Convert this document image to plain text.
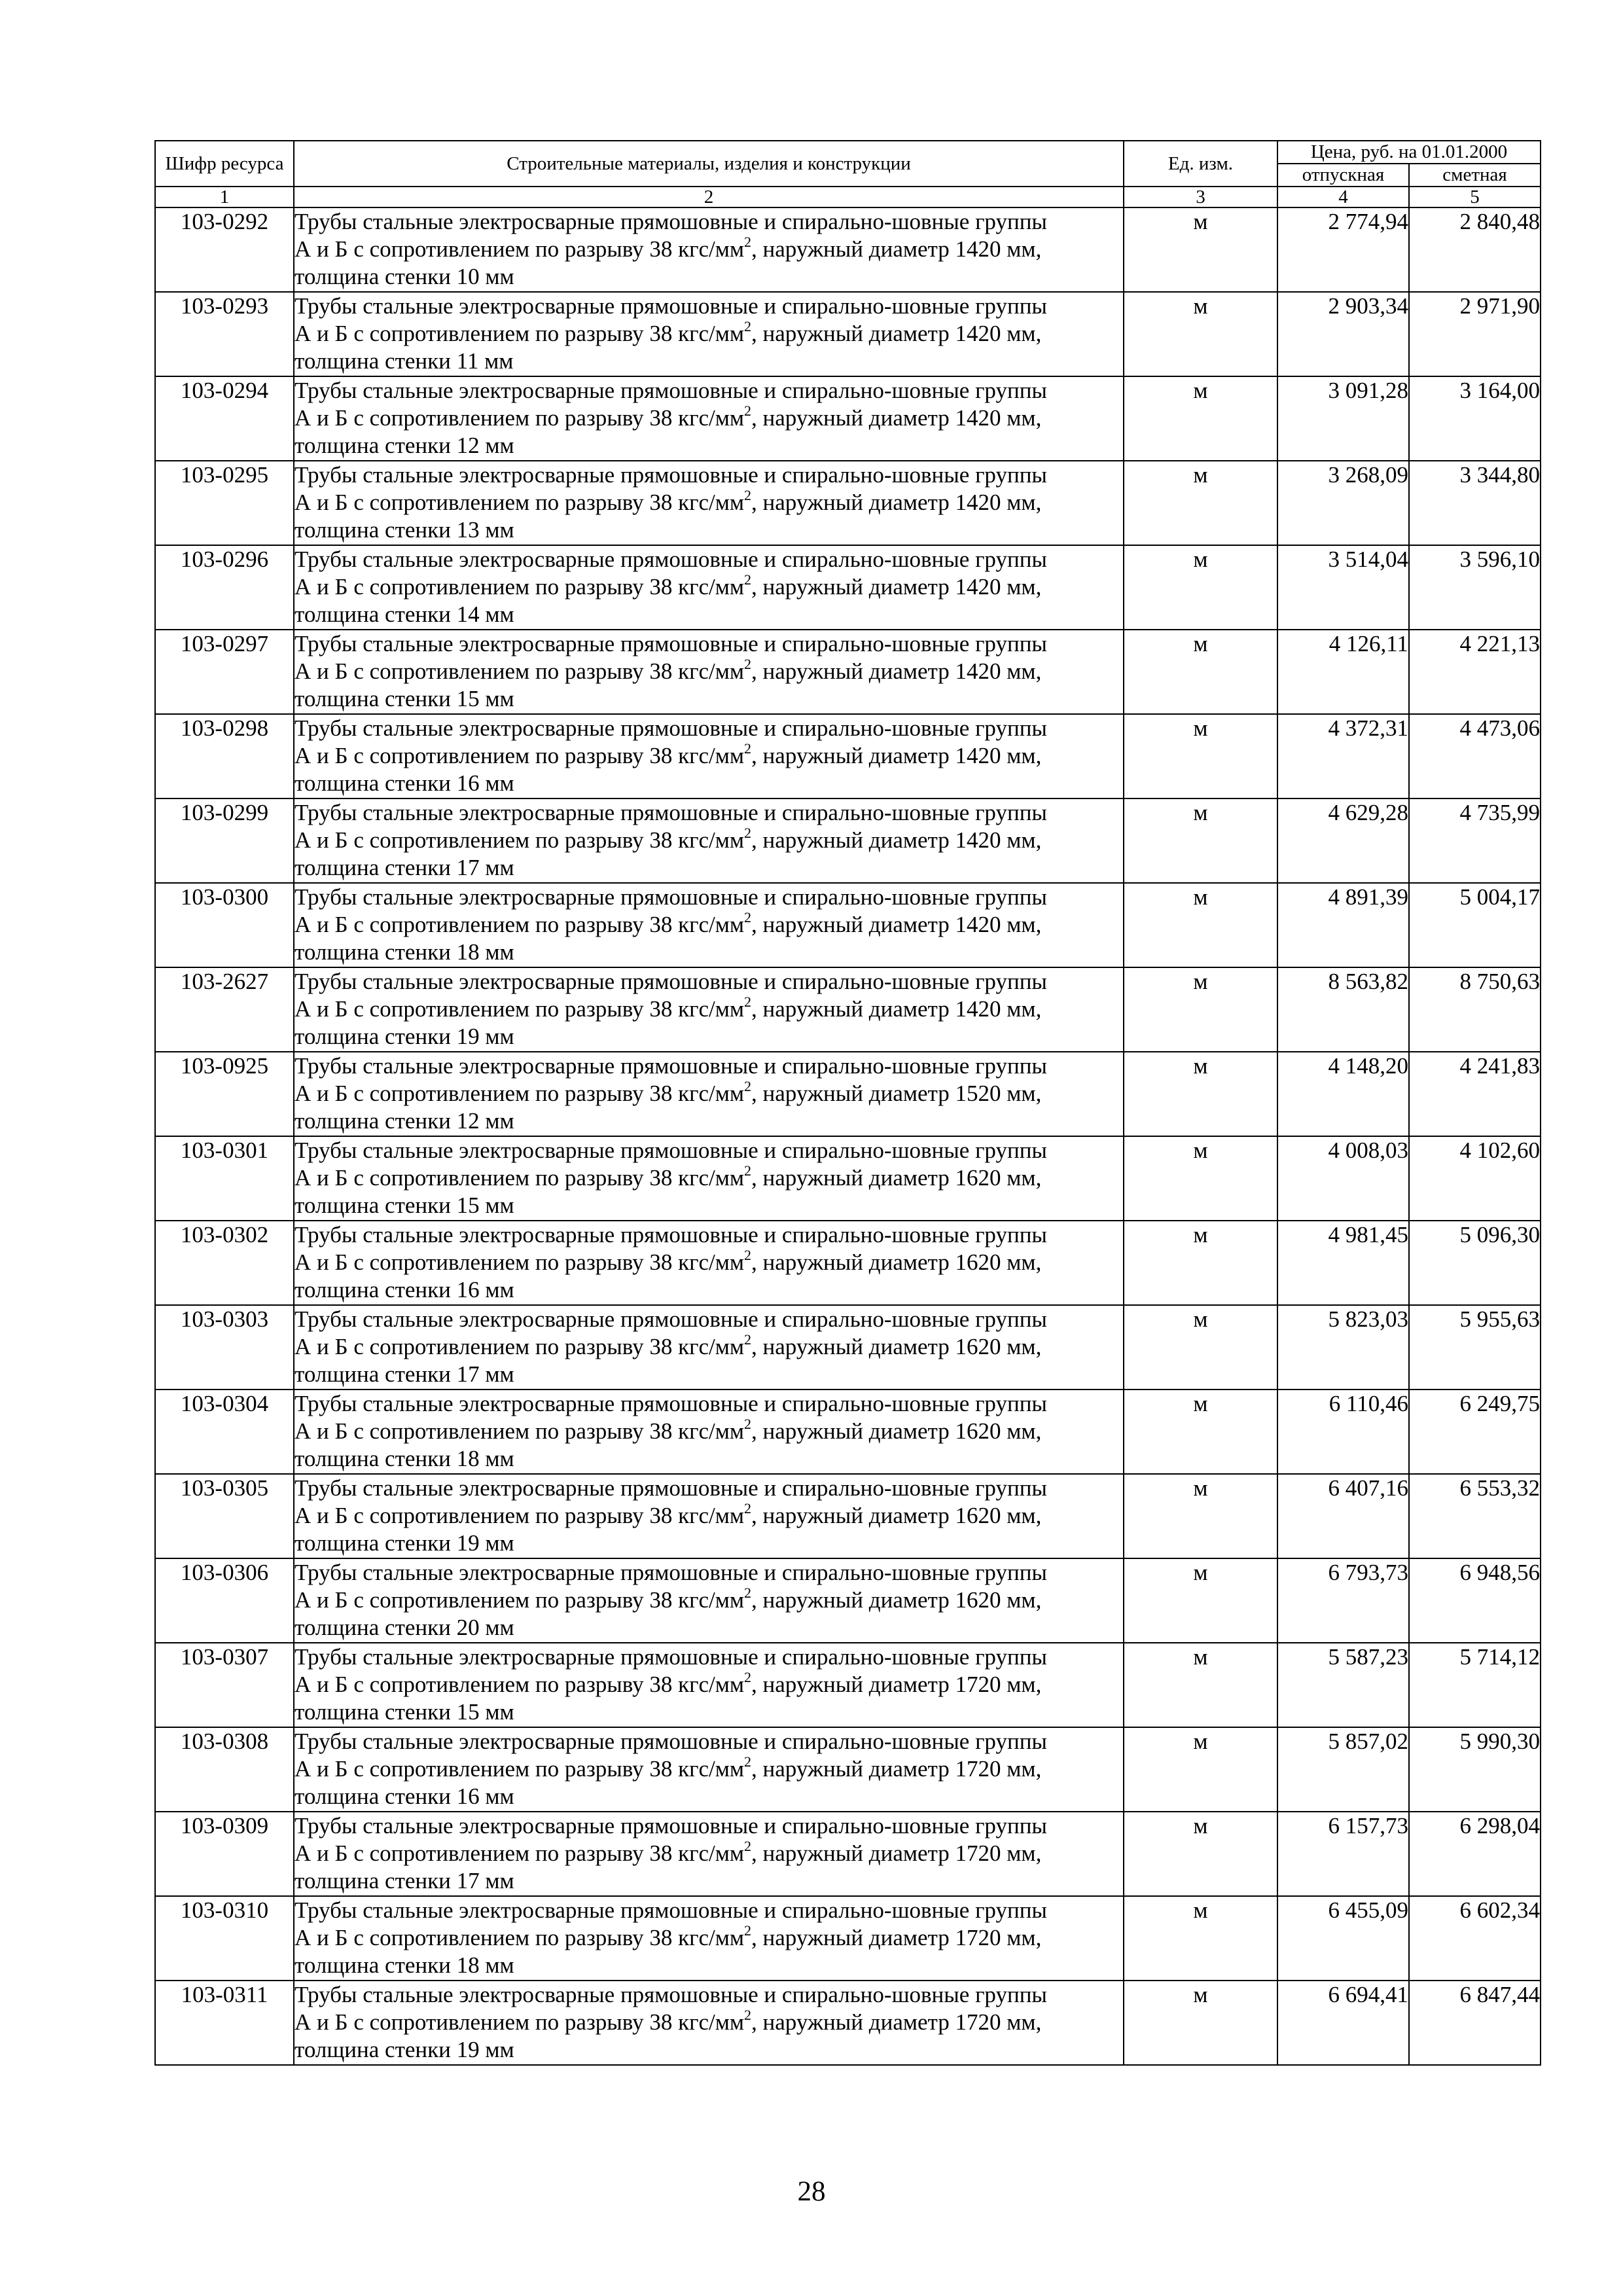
Шифр ресурса	Строительные материалы, изделия и конструкции	Ед. изм.	Цена, руб. на 01.01.2000	
			отпускная	сметная
1	2	3	4	5
103-0292	Трубы стальные электросварные прямошовные и спирально-шовные группы
А и Б с сопротивлением по разрыву 38 кгс/$мм^2$, наружный диаметр 1420 мм,
толщина стенки 10 мм	м	2 774,94	2 840,48
103-0293	Трубы стальные электросварные прямошовные и спирально-шовные группы
А и Б с сопротивлением по разрыву 38 кгс/$мм^2$, наружный диаметр 1420 мм,
толщина стенки 11 мм	м	2 903,34	2 971,90
103-0294	Трубы стальные электросварные прямошовные и спирально-шовные группы
А и Б с сопротивлением по разрыву 38 кгс/$мм^2$, наружный диаметр 1420 мм,
толщина стенки 12 мм	м	3 091,28	3 164,00
103-0295	Трубы стальные электросварные прямошовные и спирально-шовные группы
А и Б с сопротивлением по разрыву 38 кгс/$мм^2$, наружный диаметр 1420 мм,
толщина стенки 13 мм	м	3 268,09	3 344,80
103-0296	Трубы стальные электросварные прямошовные и спирально-шовные группы
А и Б с сопротивлением по разрыву 38 кгс/$мм^2$, наружный диаметр 1420 мм,
толщина стенки 14 мм	м	3 514,04	3 596,10
103-0297	Трубы стальные электросварные прямошовные и спирально-шовные группы
А и Б с сопротивлением по разрыву 38 кгс/$мм^2$, наружный диаметр 1420 мм,
толщина стенки 15 мм	м	4 126,11	4 221,13
103-0298	Трубы стальные электросварные прямошовные и спирально-шовные группы
А и Б с сопротивлением по разрыву 38 кгс/$мм^2$, наружный диаметр 1420 мм,
толщина стенки 16 мм	м	4 372,31	4 473,06
103-0299	Трубы стальные электросварные прямошовные и спирально-шовные группы
А и Б с сопротивлением по разрыву 38 кгс/$мм^2$, наружный диаметр 1420 мм,
толщина стенки 17 мм	м	4 629,28	4 735,99
103-0300	Трубы стальные электросварные прямошовные и спирально-шовные группы
А и Б с сопротивлением по разрыву 38 кгс/$мм^2$, наружный диаметр 1420 мм,
толщина стенки 18 мм	м	4 891,39	5 004,17
103-2627	Трубы стальные электросварные прямошовные и спирально-шовные группы
А и Б с сопротивлением по разрыву 38 кгс/$мм^2$, наружный диаметр 1420 мм,
толщина стенки 19 мм	м	8 563,82	8 750,63
103-0925	Трубы стальные электросварные прямошовные и спирально-шовные группы
А и Б с сопротивлением по разрыву 38 кгс/$мм^2$, наружный диаметр 1520 мм,
толщина стенки 12 мм	м	4 148,20	4 241,83
103-0301	Трубы стальные электросварные прямошовные и спирально-шовные группы
А и Б с сопротивлением по разрыву 38 кгс/$мм^2$, наружный диаметр 1620 мм,
толщина стенки 15 мм	м	4 008,03	4 102,60
103-0302	Трубы стальные электросварные прямошовные и спирально-шовные группы
А и Б с сопротивлением по разрыву 38 кгс/$мм^2$, наружный диаметр 1620 мм,
толщина стенки 16 мм	м	4 981,45	5 096,30
103-0303	Трубы стальные электросварные прямошовные и спирально-шовные группы
А и Б с сопротивлением по разрыву 38 кгс/$мм^2$, наружный диаметр 1620 мм,
толщина стенки 17 мм	м	5 823,03	5 955,63
103-0304	Трубы стальные электросварные прямошовные и спирально-шовные группы
А и Б с сопротивлением по разрыву 38 кгс/$мм^2$, наружный диаметр 1620 мм,
толщина стенки 18 мм	м	6 110,46	6 249,75
103-0305	Трубы стальные электросварные прямошовные и спирально-шовные группы
А и Б с сопротивлением по разрыву 38 кгс/$мм^2$, наружный диаметр 1620 мм,
толщина стенки 19 мм	м	6 407,16	6 553,32
103-0306	Трубы стальные электросварные прямошовные и спирально-шовные группы
А и Б с сопротивлением по разрыву 38 кгс/$мм^2$, наружный диаметр 1620 мм,
толщина стенки 20 мм	м	6 793,73	6 948,56
103-0307	Трубы стальные электросварные прямошовные и спирально-шовные группы
А и Б с сопротивлением по разрыву 38 кгс/$мм^2$, наружный диаметр 1720 мм,
толщина стенки 15 мм	м	5 587,23	5 714,12
103-0308	Трубы стальные электросварные прямошовные и спирально-шовные группы
А и Б с сопротивлением по разрыву 38 кгс/$мм^2$, наружный диаметр 1720 мм,
толщина стенки 16 мм	м	5 857,02	5 990,30
103-0309	Трубы стальные электросварные прямошовные и спирально-шовные группы
А и Б с сопротивлением по разрыву 38 кгс/$мм^2$, наружный диаметр 1720 мм,
толщина стенки 17 мм	м	6 157,73	6 298,04
103-0310	Трубы стальные электросварные прямошовные и спирально-шовные группы
А и Б с сопротивлением по разрыву 38 кгс/$мм^2$, наружный диаметр 1720 мм,
толщина стенки 18 мм	м	6 455,09	6 602,34
103-0311	Трубы стальные электросварные прямошовные и спирально-шовные группы
А и Б с сопротивлением по разрыву 38 кгс/$мм^2$, наружный диаметр 1720 мм,
толщина стенки 19 мм	м	6 694,41	6 847,44
28
